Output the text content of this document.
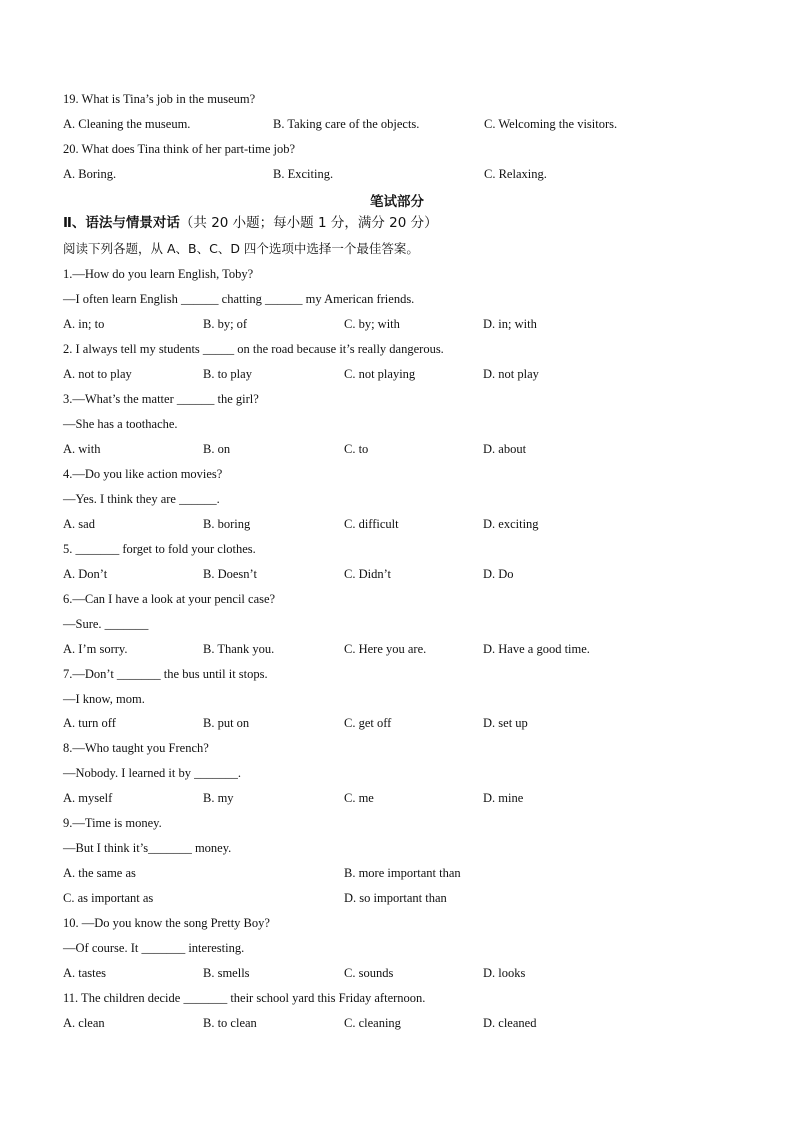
19. What is Tina’s job in the museum?
A. Cleaning the museum.	B. Taking care of the objects.	C. Welcoming the visitors.
20. What does Tina think of her part-time job?
A. Boring.	B. Exciting.	C. Relaxing.
笔试部分
Ⅱ、语法与情景对话（共 20 小题；每小题 1 分，满分 20 分）
阅读下列各题，从 A、B、C、D 四个选项中选择一个最佳答案。
1.—How do you learn English, Toby?
—I often learn English ______ chatting ______ my American friends.
A. in; to	B. by; of	C. by; with	D. in; with
2. I always tell my students _____ on the road because it’s really dangerous.
A. not to play	B. to play	C. not playing	D. not play
3.—What’s the matter ______ the girl?
—She has a toothache.
A. with	B. on	C. to	D. about
4.—Do you like action movies?
—Yes. I think they are ______.
A. sad	B. boring	C. difficult	D. exciting
5. _______ forget to fold your clothes.
A. Don’t	B. Doesn’t	C. Didn’t	D. Do
6.—Can I have a look at your pencil case?
—Sure. _______
A. I’m sorry.	B. Thank you.	C. Here you are.	D. Have a good time.
7.—Don’t _______ the bus until it stops.
—I know, mom.
A. turn off	B. put on	C. get off	D. set up
8.—Who taught you French?
—Nobody. I learned it by _______.
A. myself	B. my	C. me	D. mine
9.—Time is money.
—But I think it’s_______ money.
A. the same as	B. more important than
C. as important as	D. so important than
10. —Do you know the song Pretty Boy?
—Of course. It _______ interesting.
A. tastes	B. smells	C. sounds	D. looks
11. The children decide _______ their school yard this Friday afternoon.
A. clean	B. to clean	C. cleaning	D. cleaned
